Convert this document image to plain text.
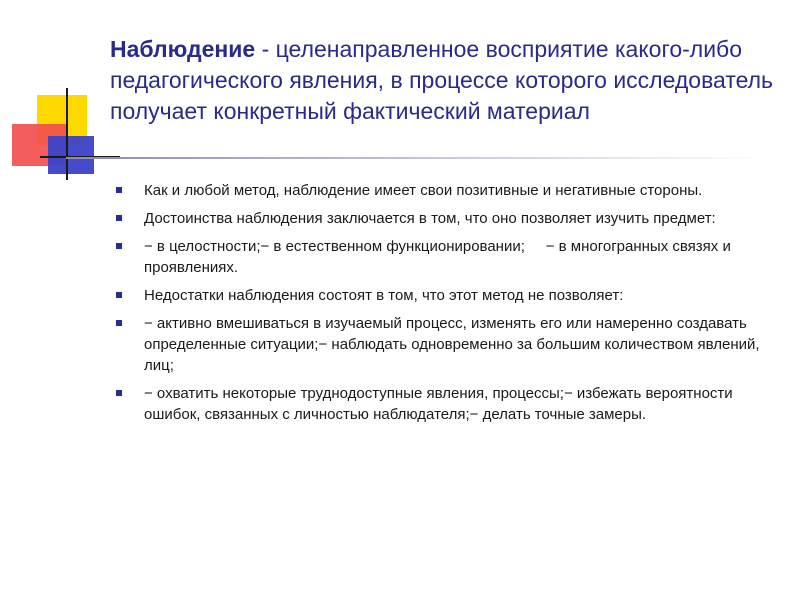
Наблюдение - целенаправленное восприятие какого-либо педагогического явления, в процессе которого исследователь получает конкретный фактический материал
Как и любой метод, наблюдение имеет свои позитивные и негативные стороны.
Достоинства наблюдения заключается в том, что оно позволяет изучить предмет:
− в целостности;− в естественном функционировании;     − в многогранных связях и проявлениях.
Недостатки наблюдения состоят в том, что этот метод не позволяет:
− активно вмешиваться в изучаемый процесс, изменять его или намеренно создавать определенные ситуации;− наблюдать одновременно за большим количеством явлений, лиц;
− охватить некоторые труднодоступные явления, процессы;− избежать вероятности ошибок, связанных с личностью наблюдателя;− делать точные замеры.
